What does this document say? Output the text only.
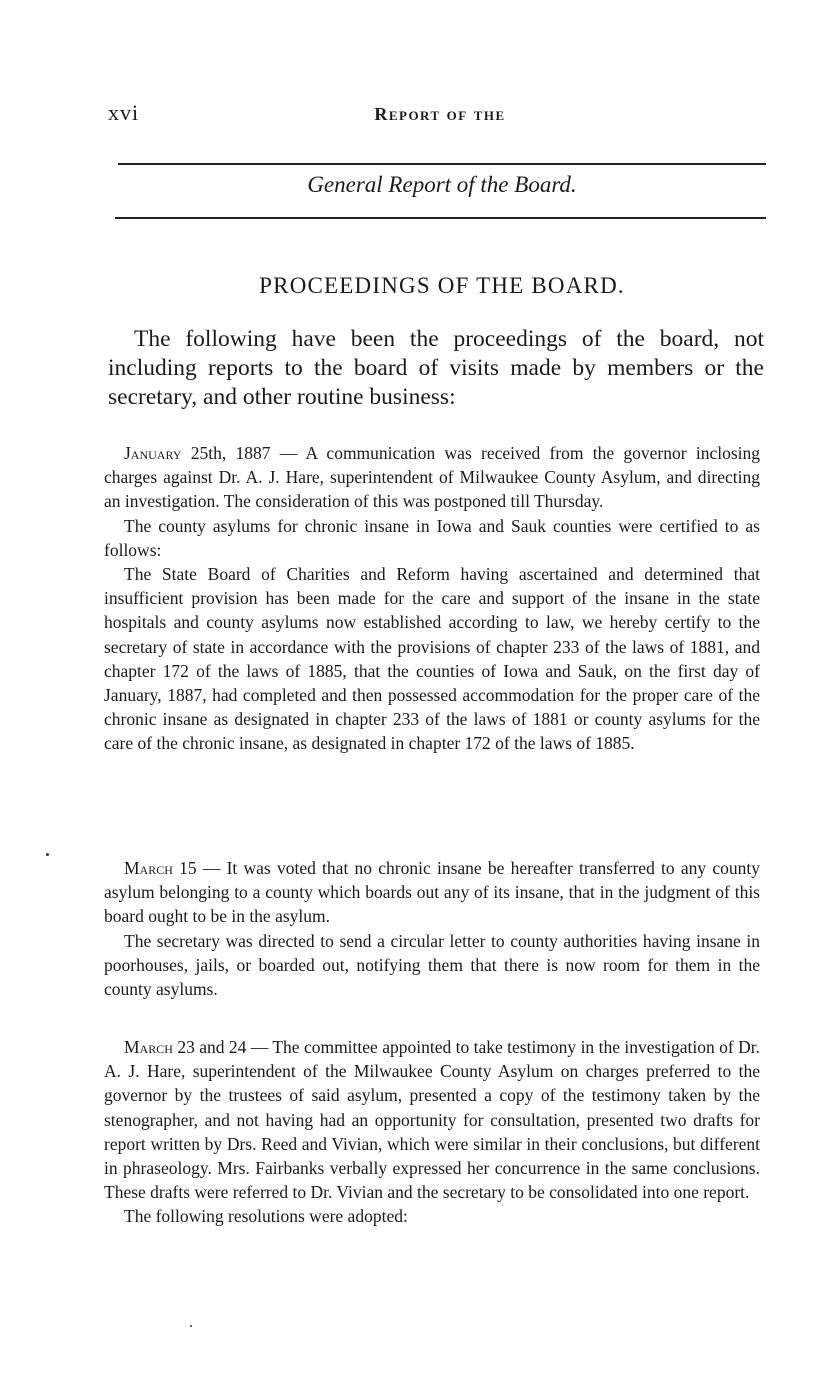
xvi	Report of the
General Report of the Board.
PROCEEDINGS OF THE BOARD.
The following have been the proceedings of the board, not including reports to the board of visits made by members or the secretary, and other routine business:

January 25th, 1887 — A communication was received from the governor inclosing charges against Dr. A. J. Hare, superintendent of Milwaukee County Asylum, and directing an investigation. The consideration of this was postponed till Thursday.

The county asylums for chronic insane in Iowa and Sauk counties were certified to as follows:

The State Board of Charities and Reform having ascertained and determined that insufficient provision has been made for the care and support of the insane in the state hospitals and county asylums now established according to law, we hereby certify to the secretary of state in accordance with the provisions of chapter 233 of the laws of 1881, and chapter 172 of the laws of 1885, that the counties of Iowa and Sauk, on the first day of January, 1887, had completed and then possessed accommodation for the proper care of the chronic insane as designated in chapter 233 of the laws of 1881 or county asylums for the care of the chronic insane, as designated in chapter 172 of the laws of 1885.

March 15 — It was voted that no chronic insane be hereafter transferred to any county asylum belonging to a county which boards out any of its insane, that in the judgment of this board ought to be in the asylum.

The secretary was directed to send a circular letter to county authorities having insane in poorhouses, jails, or boarded out, notifying them that there is now room for them in the county asylums.

March 23 and 24 — The committee appointed to take testimony in the investigation of Dr. A. J. Hare, superintendent of the Milwaukee County Asylum on charges preferred to the governor by the trustees of said asylum, presented a copy of the testimony taken by the stenographer, and not having had an opportunity for consultation, presented two drafts for report written by Drs. Reed and Vivian, which were similar in their conclusions, but different in phraseology. Mrs. Fairbanks verbally expressed her concurrence in the same conclusions. These drafts were referred to Dr. Vivian and the secretary to be consolidated into one report.

The following resolutions were adopted:
